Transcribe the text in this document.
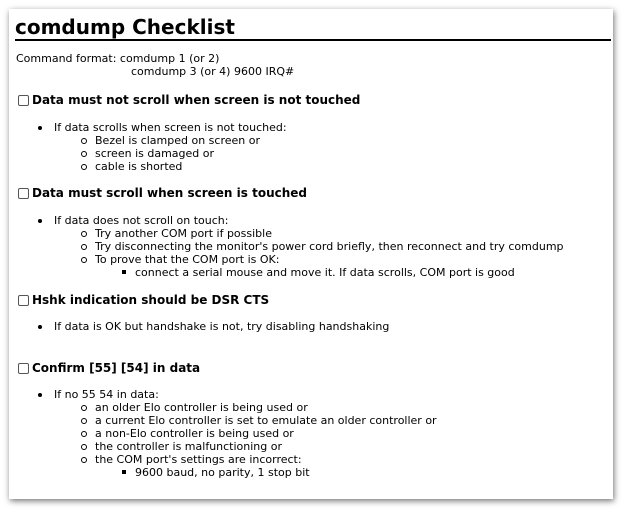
comdump Checklist
Command format: comdump 1 (or 2)
comdump 3 (or 4) 9600 IRQ#
Data must not scroll when screen is not touched
If data scrolls when screen is not touched:
Bezel is clamped on screen or
screen is damaged or
cable is shorted
Data must scroll when screen is touched
If data does not scroll on touch:
Try another COM port if possible
Try disconnecting the monitor's power cord briefly, then reconnect and try comdump
To prove that the COM port is OK:
connect a serial mouse and move it. If data scrolls, COM port is good
Hshk indication should be DSR CTS
If data is OK but handshake is not, try disabling handshaking
Confirm [55] [54] in data
If no 55 54 in data:
an older Elo controller is being used or
a current Elo controller is set to emulate an older controller or
a non-Elo controller is being used or
the controller is malfunctioning or
the COM port's settings are incorrect:
9600 baud, no parity, 1 stop bit
